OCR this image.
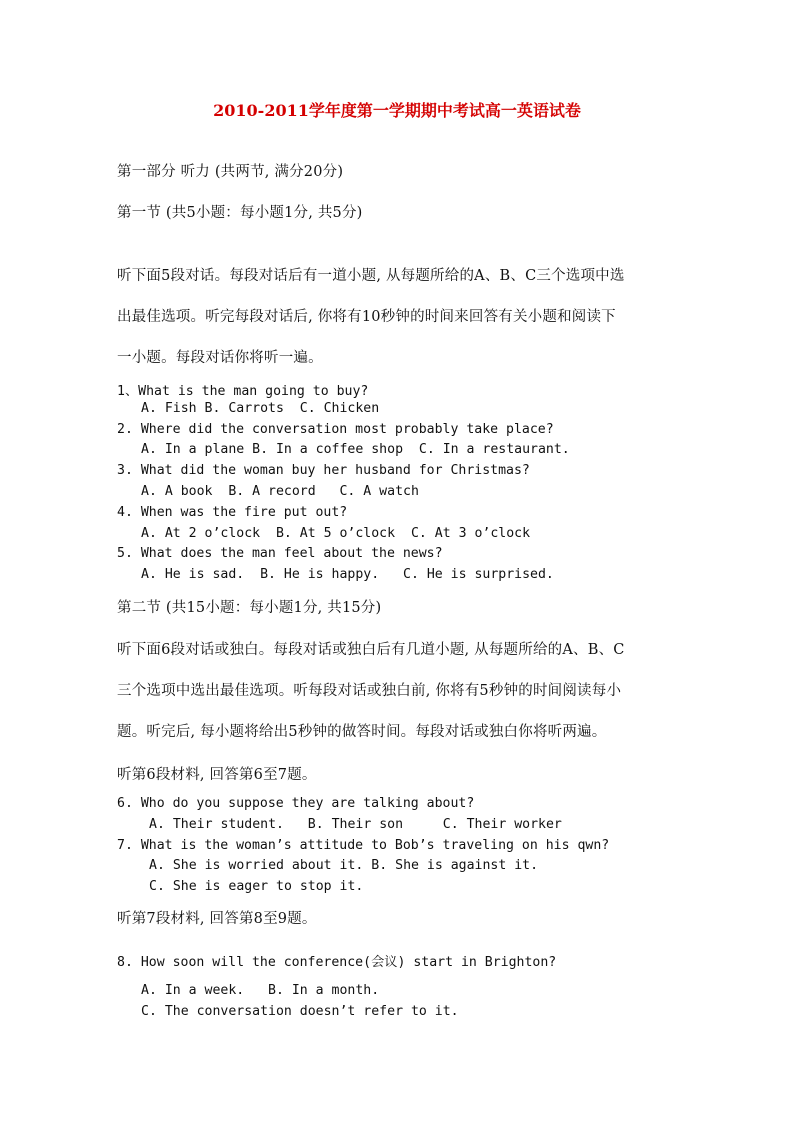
2010-2011学年度第一学期期中考试高一英语试卷
第一部分 听力 (共两节, 满分20分)
第一节 (共5小题：每小题1分, 共5分)
听下面5段对话。每段对话后有一道小题, 从每题所给的A、B、C三个选项中选
出最佳选项。听完每段对话后, 你将有10秒钟的时间来回答有关小题和阅读下
一小题。每段对话你将听一遍。
1、What is the man going to buy?
A. Fish B. Carrots  C. Chicken
2. Where did the conversation most probably take place?
A. In a plane B. In a coffee shop  C. In a restaurant.
3. What did the woman buy her husband for Christmas?
A. A book  B. A record   C. A watch
4. When was the fire put out?
A. At 2 o’clock  B. At 5 o’clock  C. At 3 o’clock
5. What does the man feel about the news?
A. He is sad.  B. He is happy.   C. He is surprised.
第二节 (共15小题：每小题1分, 共15分)
听下面6段对话或独白。每段对话或独白后有几道小题, 从每题所给的A、B、C
三个选项中选出最佳选项。听每段对话或独白前, 你将有5秒钟的时间阅读每小
题。听完后, 每小题将给出5秒钟的做答时间。每段对话或独白你将听两遍。
听第6段材料, 回答第6至7题。
6. Who do you suppose they are talking about?
A. Their student.   B. Their son     C. Their worker
7. What is the woman’s attitude to Bob’s traveling on his qwn?
A. She is worried about it. B. She is against it.
C. She is eager to stop it.
听第7段材料, 回答第8至9题。
8. How soon will the conference(会议) start in Brighton?
A. In a week.   B. In a month.
C. The conversation doesn’t refer to it.
